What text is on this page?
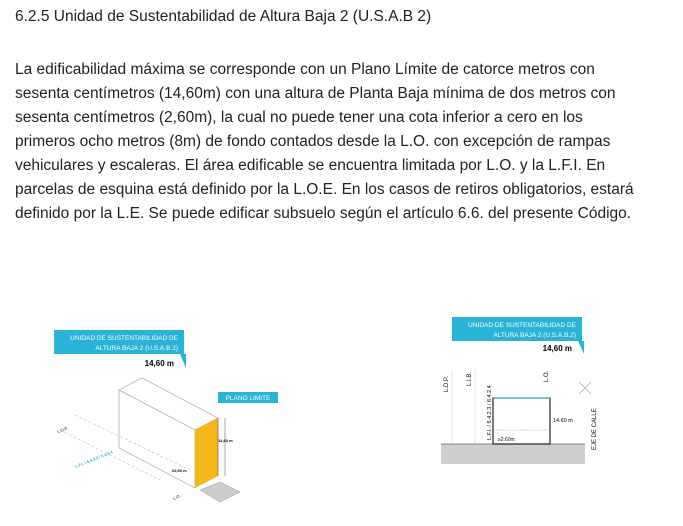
6.2.5 Unidad de Sustentabilidad de Altura Baja 2 (U.S.A.B 2)
La edificabilidad máxima se corresponde con un Plano Límite de catorce metros con
sesenta centímetros (14,60m) con una altura de Planta Baja mínima de dos metros con
sesenta centímetros (2,60m), la cual no puede tener una cota inferior a cero en los
primeros ocho metros (8m) de fondo contados desde la L.O. con excepción de rampas
vehiculares y escaleras. El área edificable se encuentra limitada por L.O. y la L.F.I. En
parcelas de esquina está definido por la L.O.E. En los casos de retiros obligatorios, estará
definido por la L.E. Se puede edificar subsuelo según el artículo 6.6. del presente Código.
UNIDAD DE SUSTENTABILIDAD DE
ALTURA BAJA 2 (U.S.A.B.2)
14,60 m
PLANO LIMITE
14,60 m
≥2,60 m
L.O.P.
L.F.I. / 6.4.2.3 / 6.4.2.4
L.O.
UNIDAD DE SUSTENTABILIDAD DE
ALTURA BAJA 2 (U.S.A.B.2)
14,60 m
L.D.P.	L.I.B.
L.F.I. / 6.4.2.3 / 6.4.2.4
L.O.
14.60 m
≥2.60m	EJE DE CALLE
